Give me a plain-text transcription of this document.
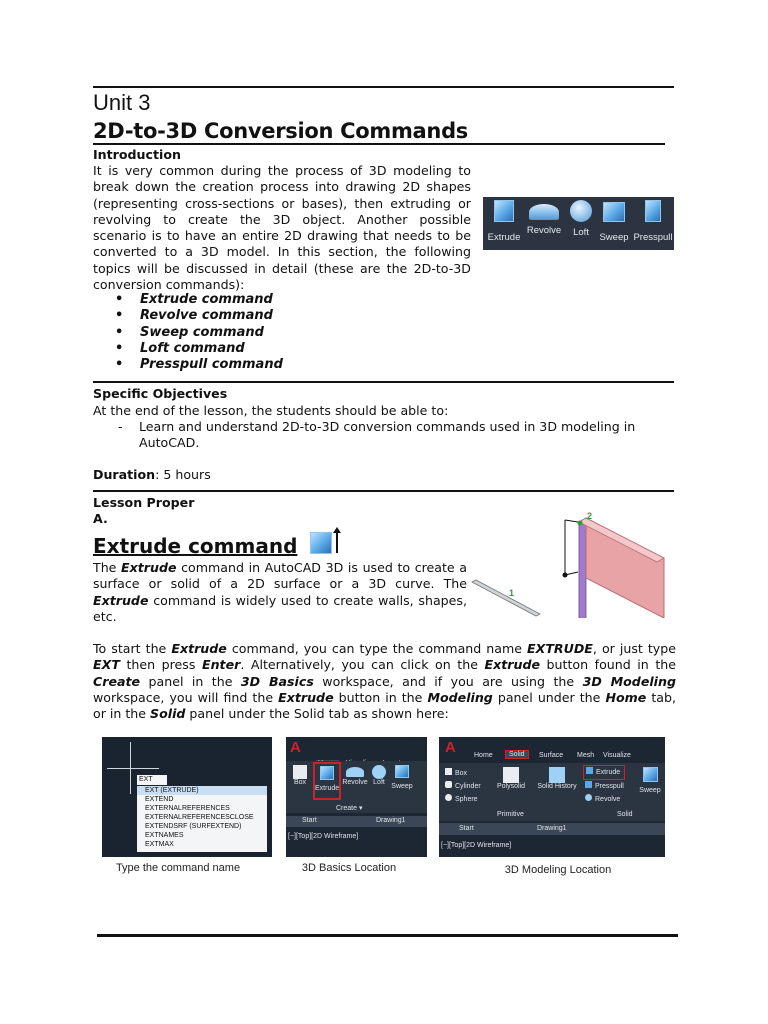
Unit 3
2D-to-3D Conversion Commands
Introduction
It is very common during the process of 3D modeling to break down the creation process into drawing 2D shapes (representing cross-sections or bases), then extruding or revolving to create the 3D object. Another possible scenario is to have an entire 2D drawing that needs to be converted to a 3D model. In this section, the following topics will be discussed in detail (these are the 2D-to-3D conversion commands):
• Extrude command
• Revolve command
• Sweep command
• Loft command
• Presspull command
Extrude
Revolve	Loft	Sweep Presspull
Specific Objectives
At the end of the lesson, the students should be able to:
- Learn and understand 2D-to-3D conversion commands used in 3D modeling in AutoCAD.
Duration: 5 hours
Lesson Proper
A.
Extrude command
The Extrude command in AutoCAD 3D is used to create a surface or solid of a 2D surface or a 3D curve. The Extrude command is widely used to create walls, shapes, etc.
1
2
To start the Extrude command, you can type the command name EXTRUDE, or just type EXT then press Enter. Alternatively, you can click on the Extrude button found in the Create panel in the 3D Basics workspace, and if you are using the 3D Modeling workspace, you will find the Extrude button in the Modeling panel under the Home tab, or in the Solid panel under the Solid tab as shown here:
EXT
EXT (EXTRUDE)
EXTEND
EXTERNALREFERENCES
EXTERNALREFERENCESCLOSE
EXTENDSRF (SURFEXTEND)
EXTNAMES
EXTMAX
Type the command name
A

Box
Extrude
Revolve Loft
Sweep
Create ▾
Start	Drawing1
[−][Top][2D Wireframe]
3D Basics Location
A	Home	Solid	Surface Mesh Visualize
Box
Cylinder
Sphere
Polysolid	Solid History
Extrude
Presspull
Revolve
Sweep
Primitive	Solid
Start	Drawing1
[−][Top][2D Wireframe]
3D Modeling Location
